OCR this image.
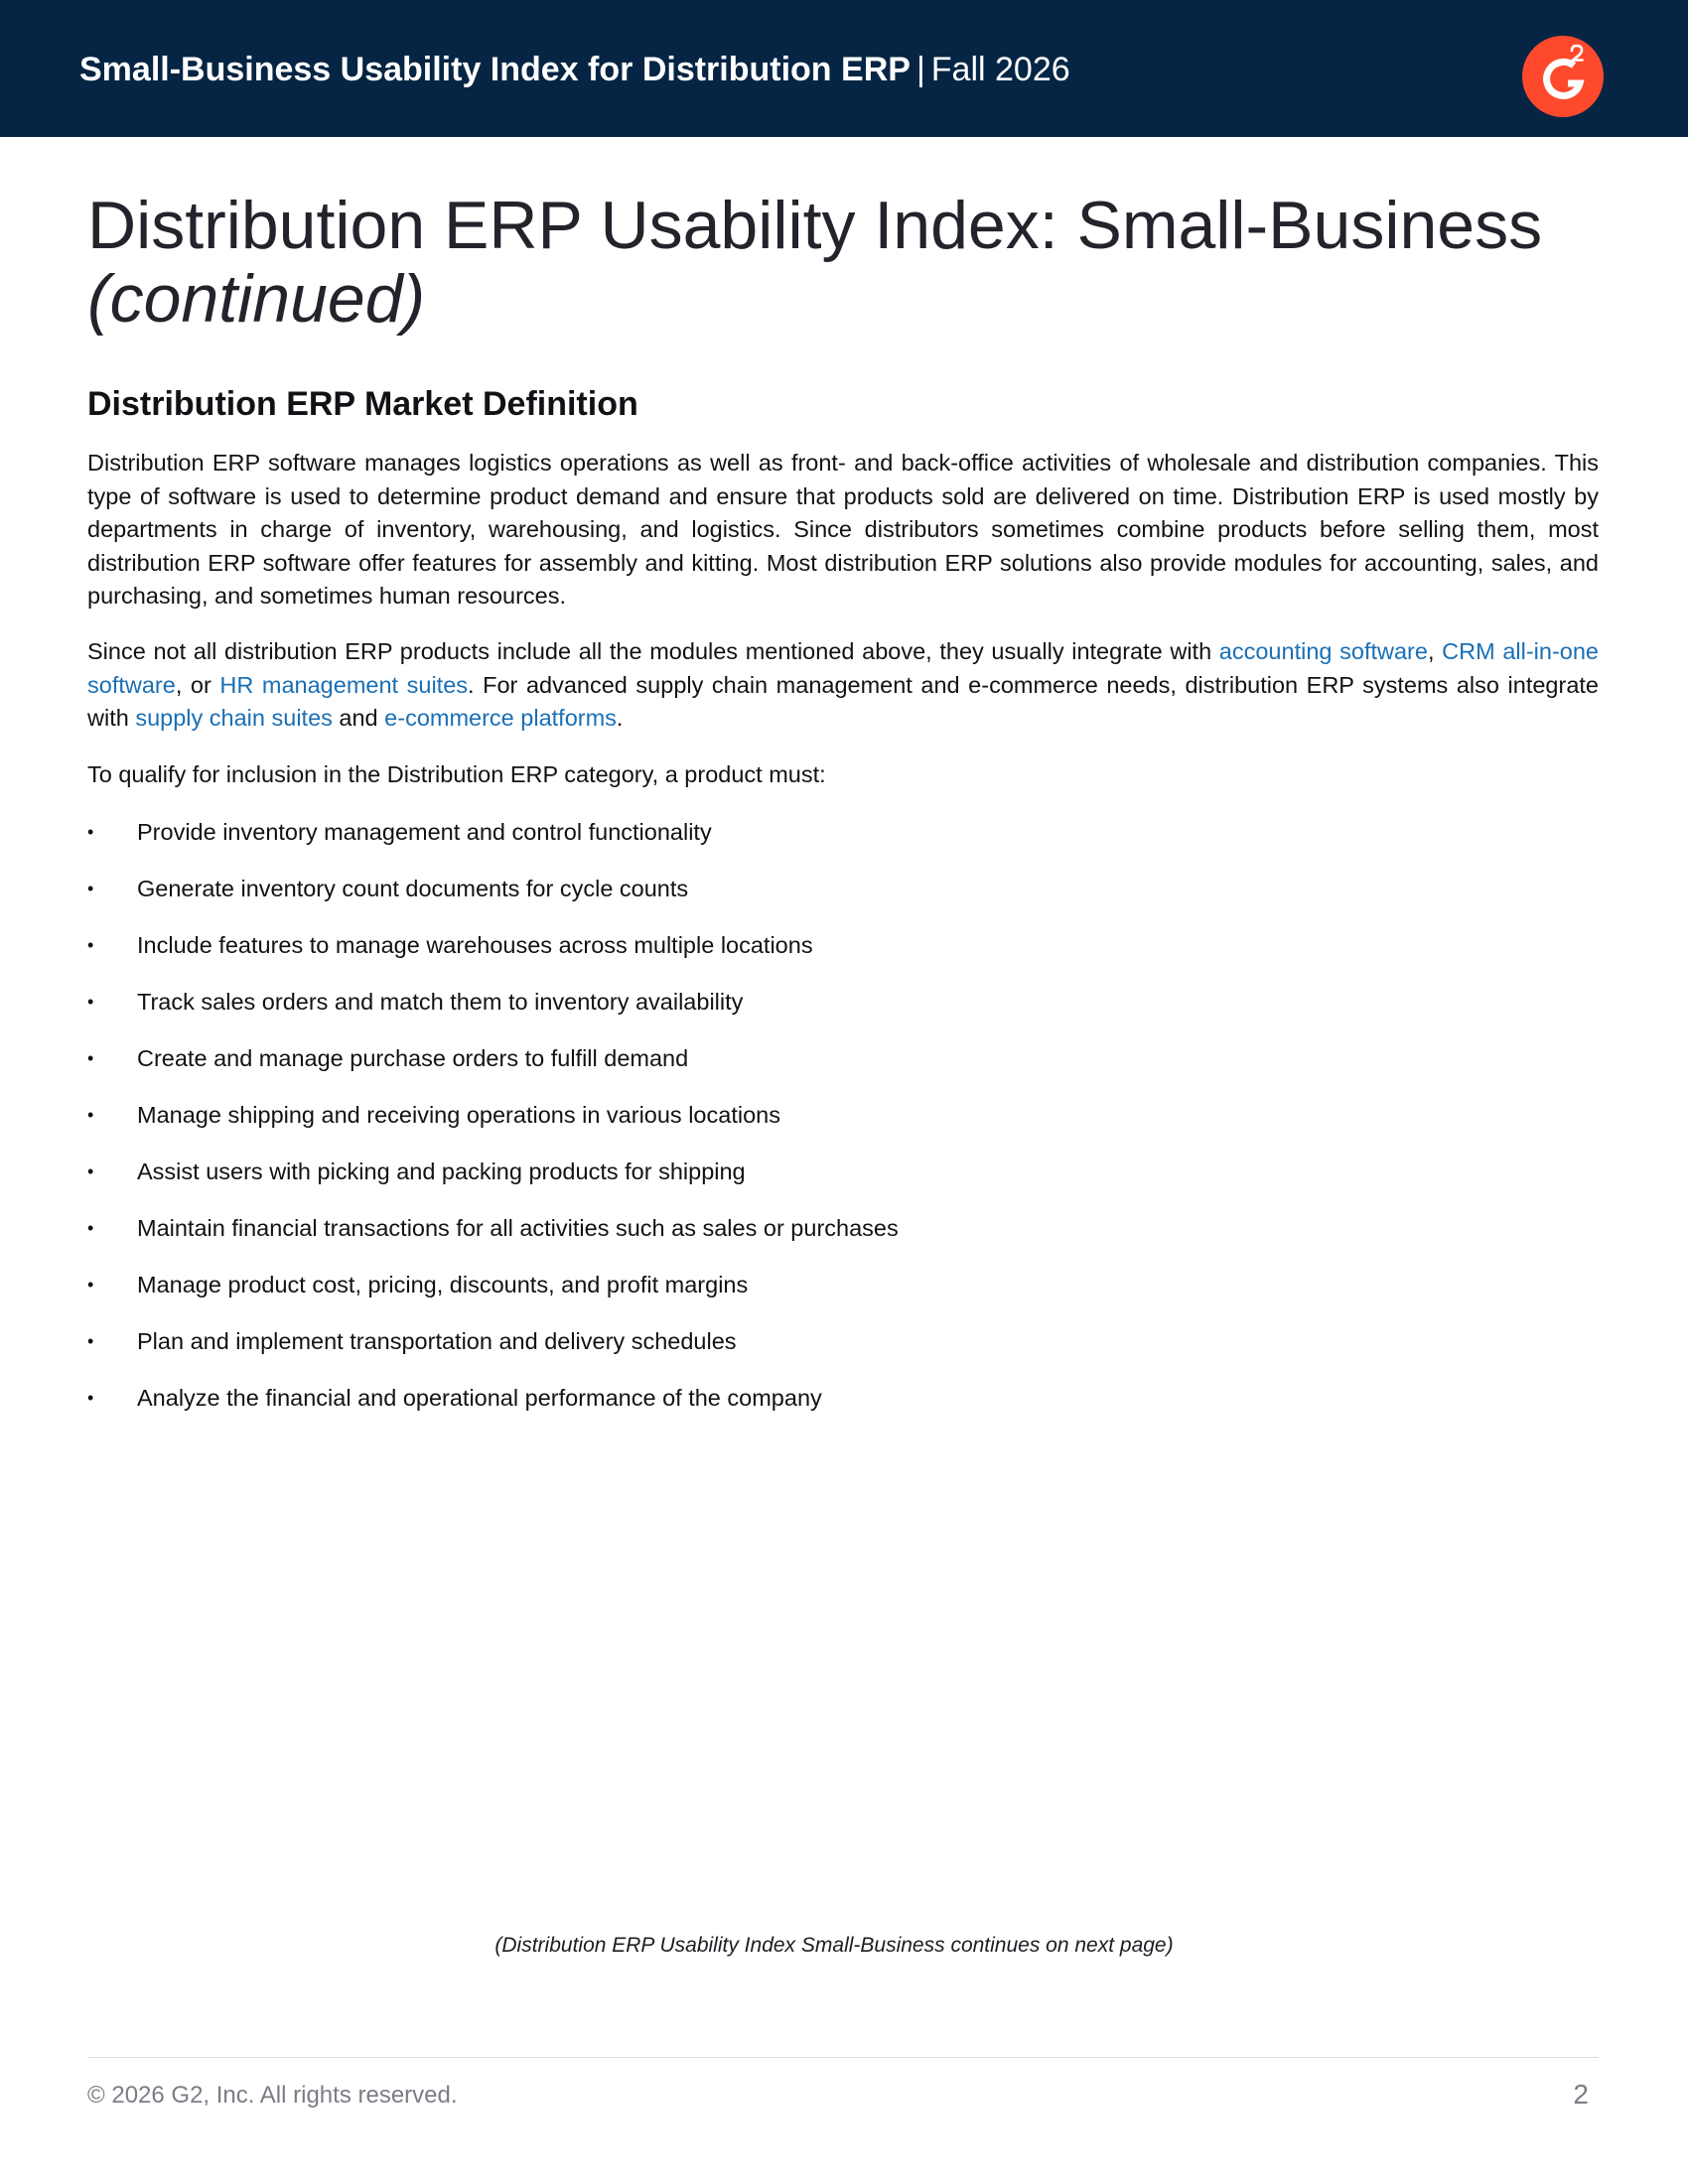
Small-Business Usability Index for Distribution ERP | Fall 2026
Distribution ERP Usability Index: Small-Business
(continued)
Distribution ERP Market Definition

Distribution ERP software manages logistics operations as well as front- and back-office activities of wholesale and distribution companies. This type of software is used to determine product demand and ensure that products sold are delivered on time. Distribution ERP is used mostly by departments in charge of inventory, warehousing, and logistics. Since distributors sometimes combine products before selling them, most distribution ERP software offer features for assembly and kitting. Most distribution ERP solutions also provide modules for accounting, sales, and purchasing, and sometimes human resources.

Since not all distribution ERP products include all the modules mentioned above, they usually integrate with accounting software, CRM all-in-one software, or HR management suites. For advanced supply chain management and e-commerce needs, distribution ERP systems also integrate with supply chain suites and e-commerce platforms.

To qualify for inclusion in the Distribution ERP category, a product must:

•	Provide inventory management and control functionality
•	Generate inventory count documents for cycle counts
•	Include features to manage warehouses across multiple locations
•	Track sales orders and match them to inventory availability
•	Create and manage purchase orders to fulfill demand
•	Manage shipping and receiving operations in various locations
•	Assist users with picking and packing products for shipping
•	Maintain financial transactions for all activities such as sales or purchases
•	Manage product cost, pricing, discounts, and profit margins
•	Plan and implement transportation and delivery schedules
•	Analyze the financial and operational performance of the company
(Distribution ERP Usability Index Small-Business continues on next page)
© 2026 G2, Inc. All rights reserved.	2
